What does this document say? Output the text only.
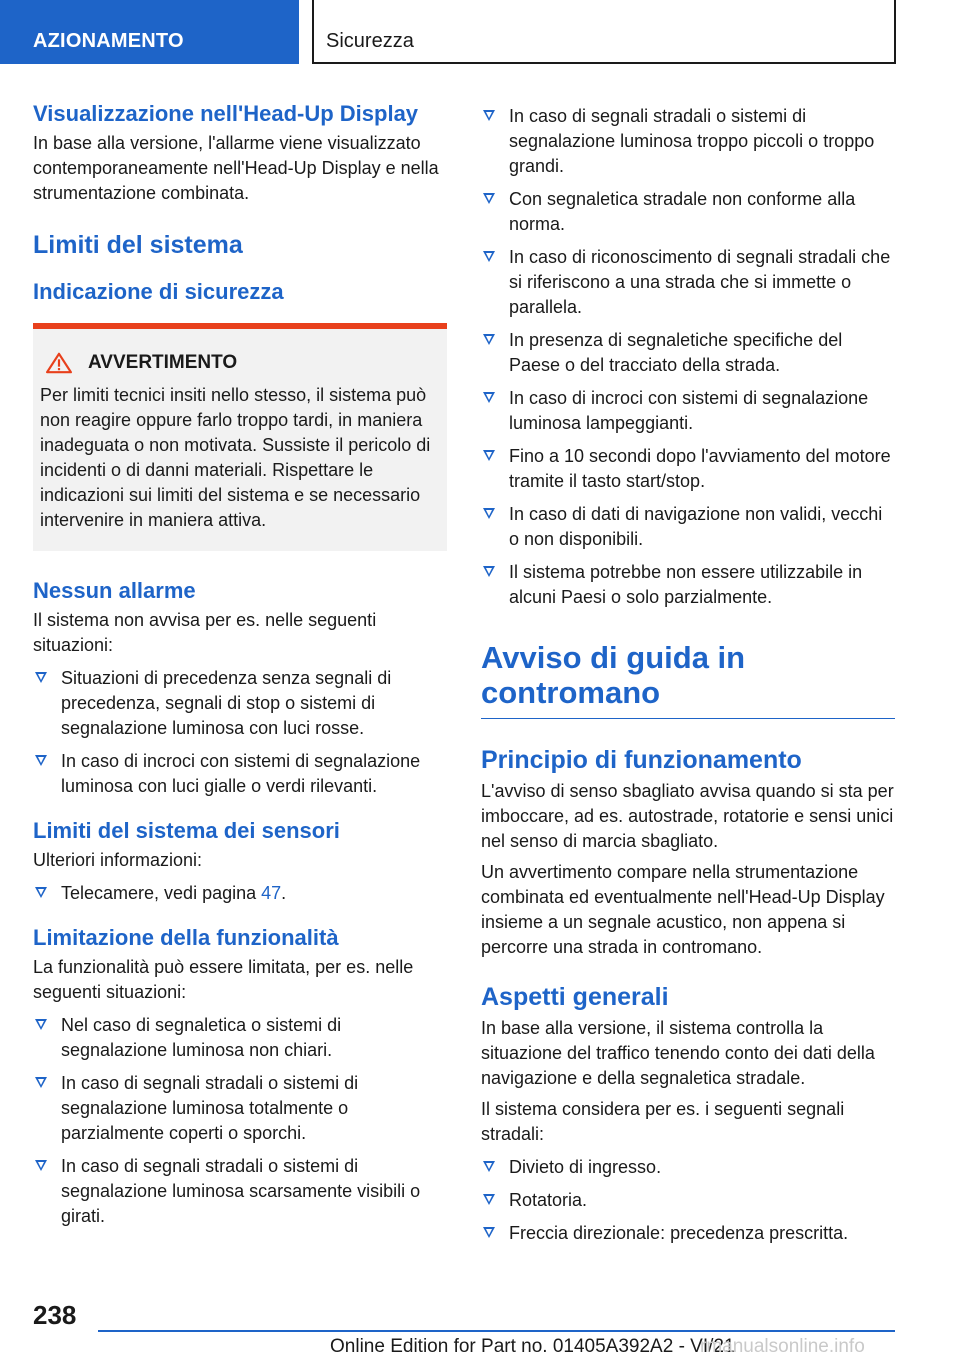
AZIONAMENTO	Sicurezza
Visualizzazione nell'Head-Up Display
In base alla versione, l'allarme viene visualizzato contemporaneamente nell'Head-Up Display e nella strumentazione combinata.
Limiti del sistema
Indicazione di sicurezza
AVVERTIMENTO
Per limiti tecnici insiti nello stesso, il sistema può non reagire oppure farlo troppo tardi, in maniera inadeguata o non motivata. Sussiste il pericolo di incidenti o di danni materiali. Rispettare le indicazioni sui limiti del sistema e se necessario intervenire in maniera attiva.
Nessun allarme
Il sistema non avvisa per es. nelle seguenti situazioni:
Situazioni di precedenza senza segnali di precedenza, segnali di stop o sistemi di segnalazione luminosa con luci rosse.
In caso di incroci con sistemi di segnalazione luminosa con luci gialle o verdi rilevanti.
Limiti del sistema dei sensori
Ulteriori informazioni:
Telecamere, vedi pagina 47.
Limitazione della funzionalità
La funzionalità può essere limitata, per es. nelle seguenti situazioni:
Nel caso di segnaletica o sistemi di segnalazione luminosa non chiari.
In caso di segnali stradali o sistemi di segnalazione luminosa totalmente o parzialmente coperti o sporchi.
In caso di segnali stradali o sistemi di segnalazione luminosa scarsamente visibili o girati.
In caso di segnali stradali o sistemi di segnalazione luminosa troppo piccoli o troppo grandi.
Con segnaletica stradale non conforme alla norma.
In caso di riconoscimento di segnali stradali che si riferiscono a una strada che si immette o parallela.
In presenza di segnaletiche specifiche del Paese o del tracciato della strada.
In caso di incroci con sistemi di segnalazione luminosa lampeggianti.
Fino a 10 secondi dopo l'avviamento del motore tramite il tasto start/stop.
In caso di dati di navigazione non validi, vecchi o non disponibili.
Il sistema potrebbe non essere utilizzabile in alcuni Paesi o solo parzialmente.
Avviso di guida in contromano
Principio di funzionamento
L'avviso di senso sbagliato avvisa quando si sta per imboccare, ad es. autostrade, rotatorie e sensi unici nel senso di marcia sbagliato.
Un avvertimento compare nella strumentazione combinata ed eventualmente nell'Head-Up Display insieme a un segnale acustico, non appena si percorre una strada in contromano.
Aspetti generali
In base alla versione, il sistema controlla la situazione del traffico tenendo conto dei dati della navigazione e della segnaletica stradale.
Il sistema considera per es. i seguenti segnali stradali:
Divieto di ingresso.
Rotatoria.
Freccia direzionale: precedenza prescritta.
238
Online Edition for Part no. 01405A392A2 - VI/21
rmanualsonline.info
